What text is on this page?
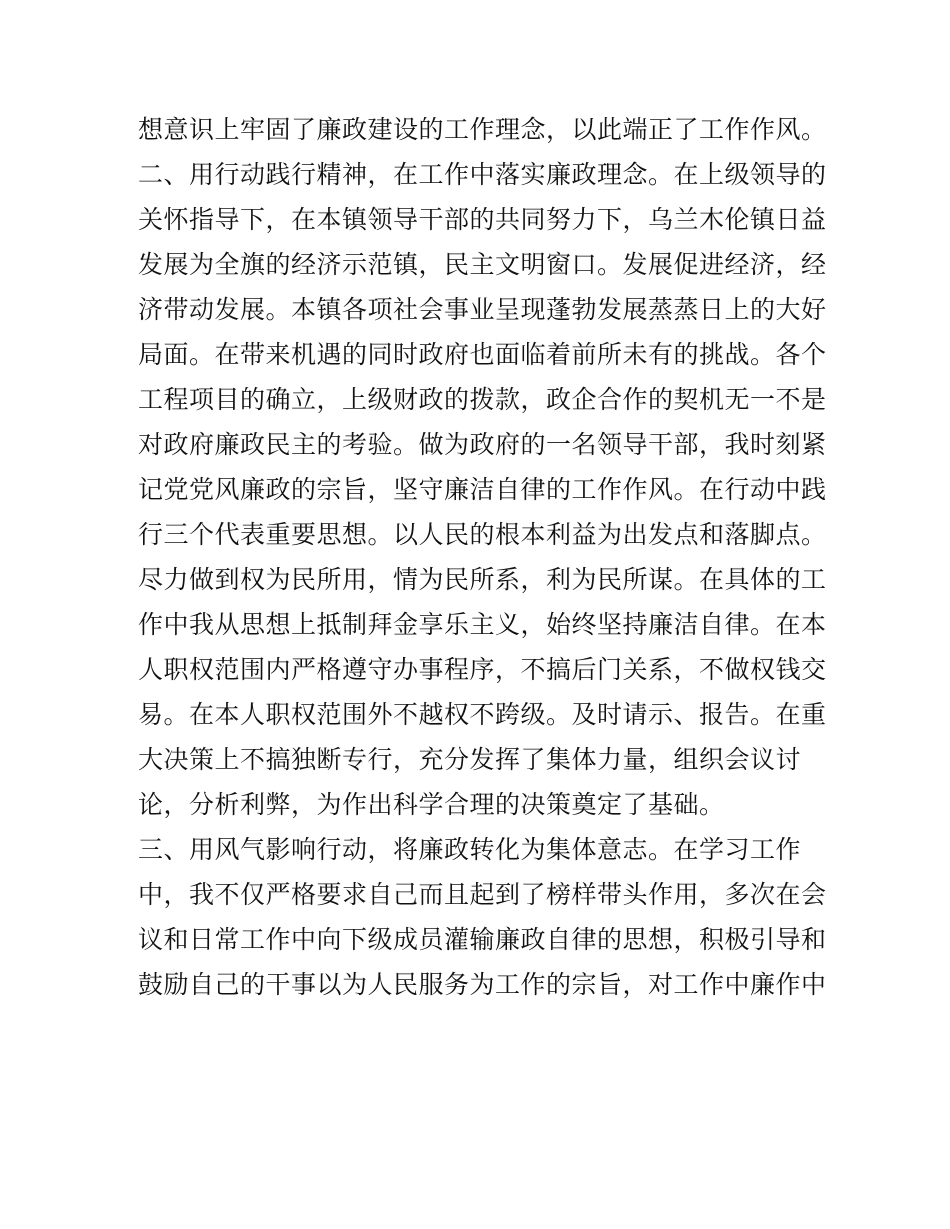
想意识上牢固了廉政建设的工作理念，以此端正了工作作风。
二、用行动践行精神，在工作中落实廉政理念。在上级领导的
关怀指导下，在本镇领导干部的共同努力下，乌兰木伦镇日益
发展为全旗的经济示范镇，民主文明窗口。发展促进经济，经
济带动发展。本镇各项社会事业呈现蓬勃发展蒸蒸日上的大好
局面。在带来机遇的同时政府也面临着前所未有的挑战。各个
工程项目的确立，上级财政的拨款，政企合作的契机无一不是
对政府廉政民主的考验。做为政府的一名领导干部，我时刻紧
记党党风廉政的宗旨，坚守廉洁自律的工作作风。在行动中践
行三个代表重要思想。以人民的根本利益为出发点和落脚点。
尽力做到权为民所用，情为民所系，利为民所谋。在具体的工
作中我从思想上抵制拜金享乐主义，始终坚持廉洁自律。在本
人职权范围内严格遵守办事程序，不搞后门关系，不做权钱交
易。在本人职权范围外不越权不跨级。及时请示、报告。在重
大决策上不搞独断专行，充分发挥了集体力量，组织会议讨
论，分析利弊，为作出科学合理的决策奠定了基础。
三、用风气影响行动，将廉政转化为集体意志。在学习工作
中，我不仅严格要求自己而且起到了榜样带头作用，多次在会
议和日常工作中向下级成员灌输廉政自律的思想，积极引导和
鼓励自己的干事以为人民服务为工作的宗旨，对工作中廉作中
